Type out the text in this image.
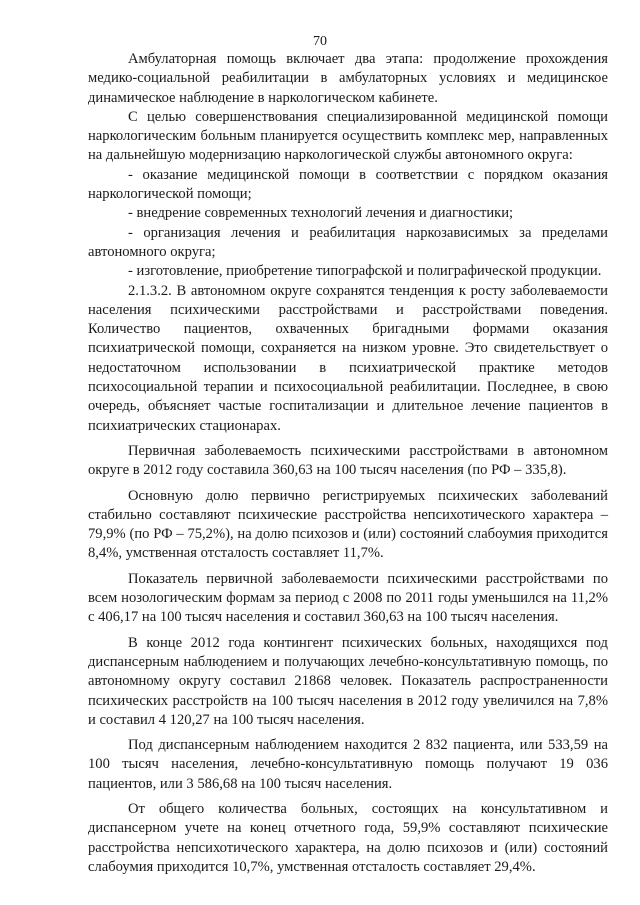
70

Амбулаторная помощь включает два этапа: продолжение прохождения медико-социальной реабилитации в амбулаторных условиях и медицинское динамическое наблюдение в наркологическом кабинете.

С целью совершенствования специализированной медицинской помощи наркологическим больным планируется осуществить комплекс мер, направленных на дальнейшую модернизацию наркологической службы автономного округа:

- оказание медицинской помощи в соответствии с порядком оказания наркологической помощи;

- внедрение современных технологий лечения и диагностики;

- организация лечения и реабилитация наркозависимых за пределами автономного округа;

- изготовление, приобретение типографской и полиграфической продукции.

2.1.3.2. В автономном округе сохранятся тенденция к росту заболеваемости населения психическими расстройствами и расстройствами поведения. Количество пациентов, охваченных бригадными формами оказания психиатрической помощи, сохраняется на низком уровне. Это свидетельствует о недостаточном использовании в психиатрической практике методов психосоциальной терапии и психосоциальной реабилитации. Последнее, в свою очередь, объясняет частые госпитализации и длительное лечение пациентов в психиатрических стационарах.

Первичная заболеваемость психическими расстройствами в автономном округе в 2012 году составила 360,63 на 100 тысяч населения (по РФ – 335,8).

Основную долю первично регистрируемых психических заболеваний стабильно составляют психические расстройства непсихотического характера – 79,9% (по РФ – 75,2%), на долю психозов и (или) состояний слабоумия приходится 8,4%, умственная отсталость составляет 11,7%.

Показатель первичной заболеваемости психическими расстройствами по всем нозологическим формам за период с 2008 по 2011 годы уменьшился на 11,2% с 406,17 на 100 тысяч населения и составил 360,63 на 100 тысяч населения.

В конце 2012 года контингент психических больных, находящихся под диспансерным наблюдением и получающих лечебно-консультативную помощь, по автономному округу составил 21868 человек. Показатель распространенности психических расстройств на 100 тысяч населения в 2012 году увеличился на 7,8% и составил 4 120,27 на 100 тысяч населения.

Под диспансерным наблюдением находится 2 832 пациента, или 533,59 на 100 тысяч населения, лечебно-консультативную помощь получают 19 036 пациентов, или 3 586,68 на 100 тысяч населения.

От общего количества больных, состоящих на консультативном и диспансерном учете на конец отчетного года, 59,9% составляют психические расстройства непсихотического характера, на долю психозов и (или) состояний слабоумия приходится 10,7%, умственная отсталость составляет 29,4%.
